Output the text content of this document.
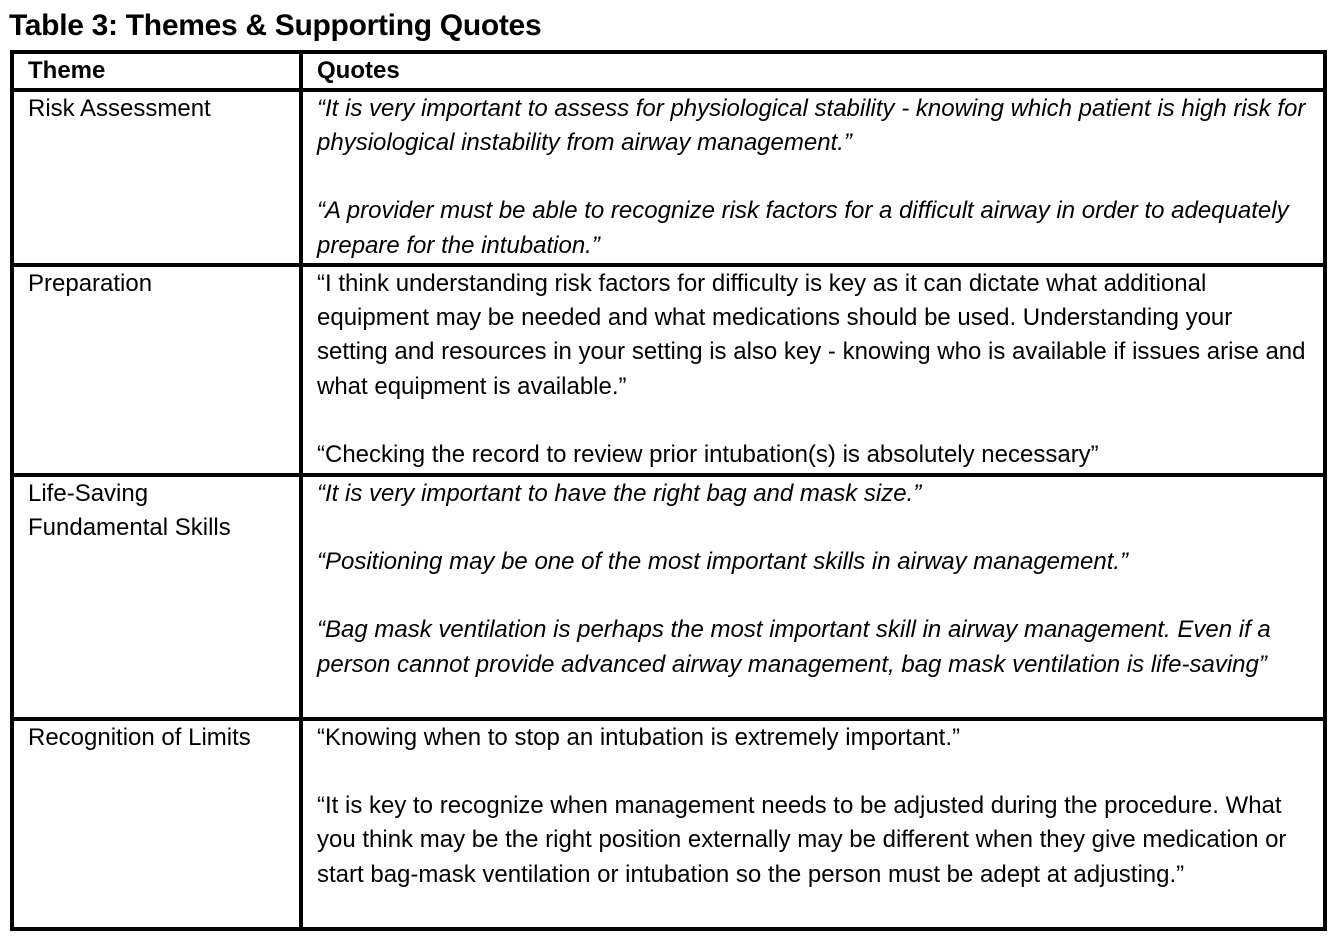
Table 3: Themes & Supporting Quotes
Theme	Quotes

Risk Assessment	“It is very important to assess for physiological stability - knowing which patient is high risk for physiological instability from airway management.”
“A provider must be able to recognize risk factors for a difficult airway in order to adequately prepare for the intubation.”

Preparation	“I think understanding risk factors for difficulty is key as it can dictate what additional equipment may be needed and what medications should be used. Understanding your setting and resources in your setting is also key - knowing who is available if issues arise and what equipment is available.”
“Checking the record to review prior intubation(s) is absolutely necessary”

Life-Saving Fundamental Skills	“It is very important to have the right bag and mask size.”
“Positioning may be one of the most important skills in airway management.”
“Bag mask ventilation is perhaps the most important skill in airway management. Even if a person cannot provide advanced airway management, bag mask ventilation is life-saving”

Recognition of Limits	“Knowing when to stop an intubation is extremely important.”
“It is key to recognize when management needs to be adjusted during the procedure. What you think may be the right position externally may be different when they give medication or start bag-mask ventilation or intubation so the person must be adept at adjusting.”
